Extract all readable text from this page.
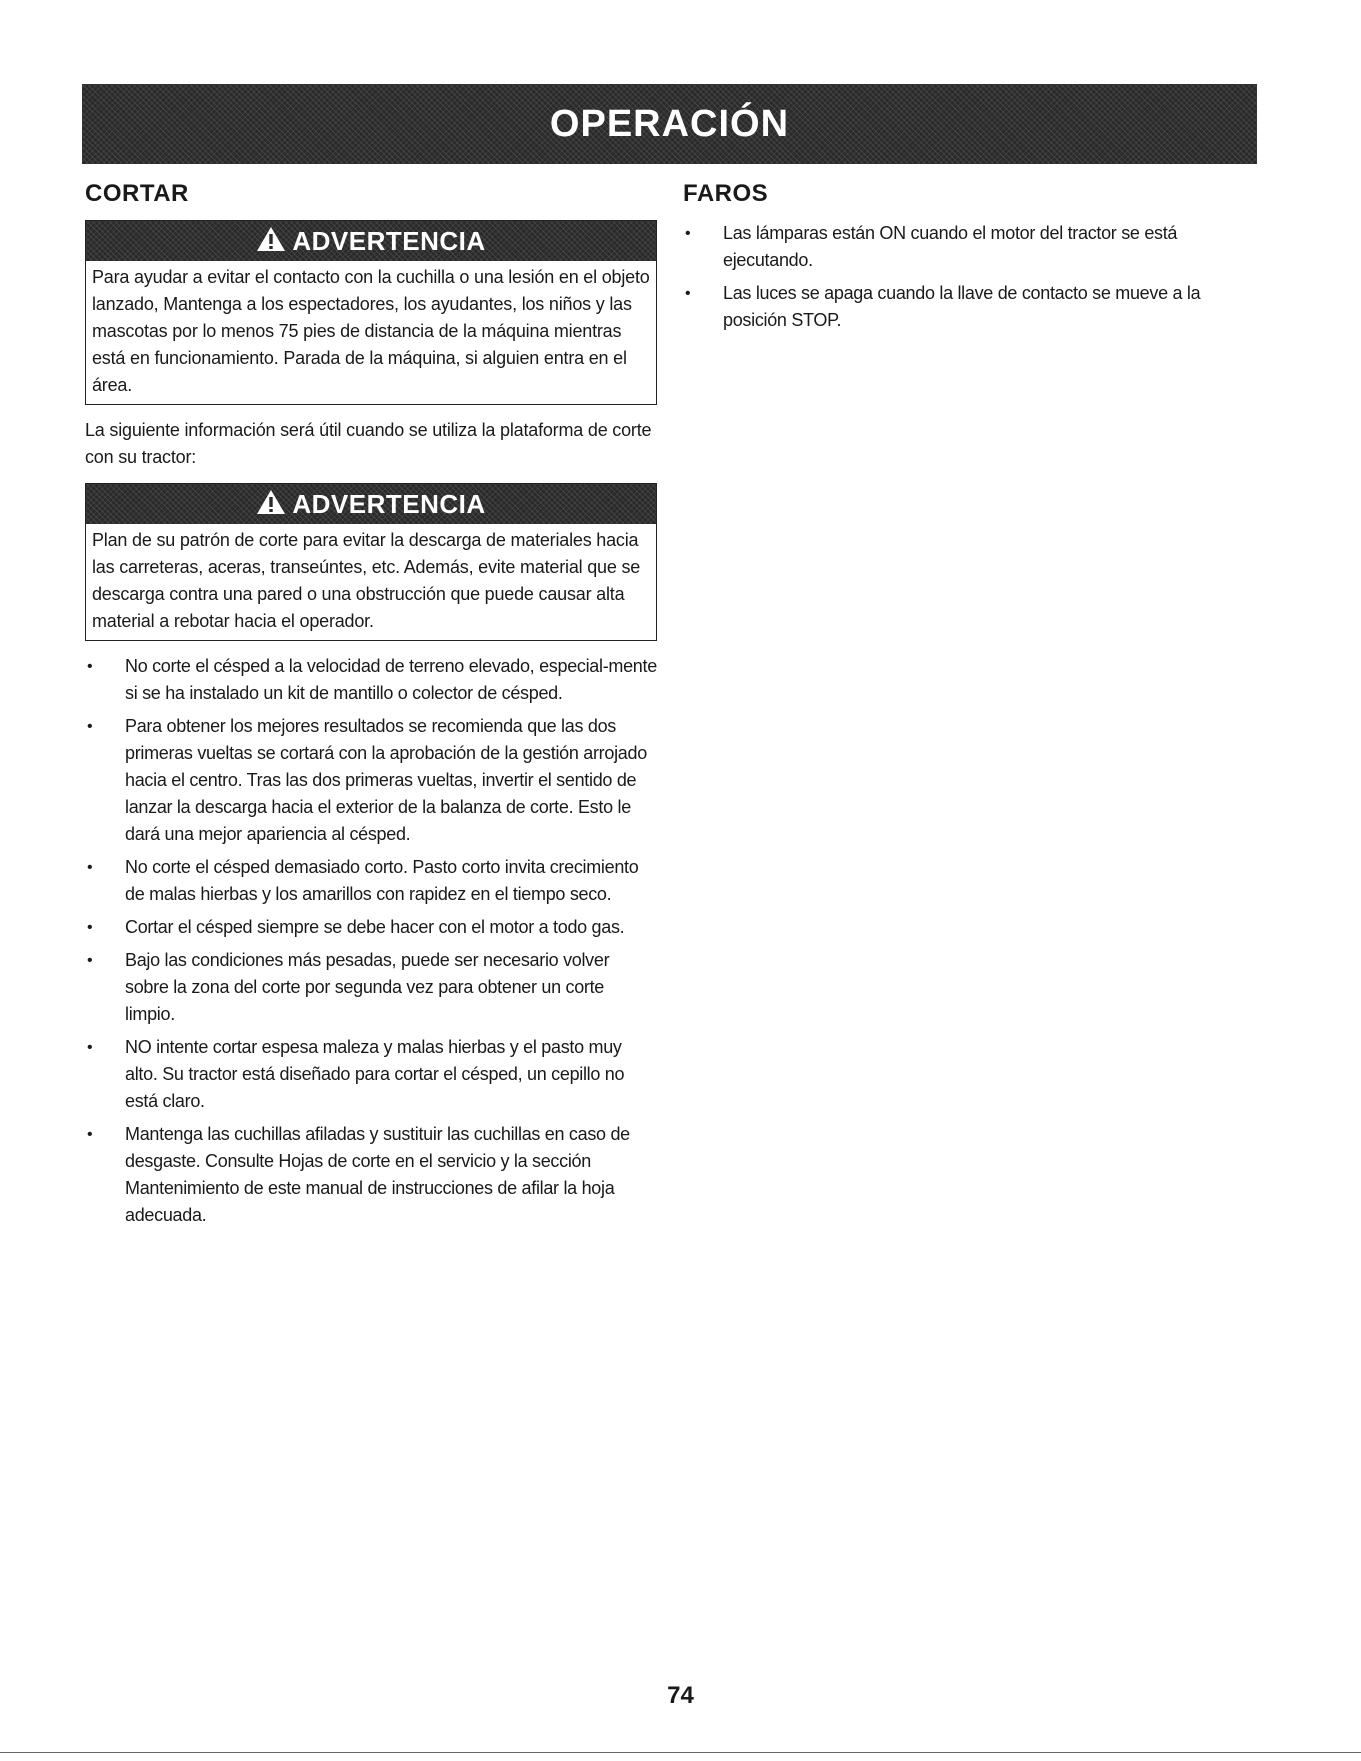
OPERACIÓN
CORTAR
ADVERTENCIA
Para ayudar a evitar el contacto con la cuchilla o una lesión en el objeto lanzado, Mantenga a los espectadores, los ayudantes, los niños y las mascotas por lo menos 75 pies de distancia de la máquina mientras está en funcionamiento. Parada de la máquina, si alguien entra en el área.

La siguiente información será útil cuando se utiliza la plataforma de corte con su tractor:

ADVERTENCIA
Plan de su patrón de corte para evitar la descarga de materiales hacia las carreteras, aceras, transeúntes, etc. Además, evite material que se descarga contra una pared o una obstrucción que puede causar alta material a rebotar hacia el operador.
• No corte el césped a la velocidad de terreno elevado, especial-mente si se ha instalado un kit de mantillo o colector de césped.
• Para obtener los mejores resultados se recomienda que las dos primeras vueltas se cortará con la aprobación de la gestión arrojado hacia el centro. Tras las dos primeras vueltas, invertir el sentido de lanzar la descarga hacia el exterior de la balanza de corte. Esto le dará una mejor apariencia al césped.
• No corte el césped demasiado corto. Pasto corto invita crecimiento de malas hierbas y los amarillos con rapidez en el tiempo seco.
• Cortar el césped siempre se debe hacer con el motor a todo gas.
• Bajo las condiciones más pesadas, puede ser necesario volver sobre la zona del corte por segunda vez para obtener un corte limpio.
• NO intente cortar espesa maleza y malas hierbas y el pasto muy alto. Su tractor está diseñado para cortar el césped, un cepillo no está claro.
• Mantenga las cuchillas afiladas y sustituir las cuchillas en caso de desgaste. Consulte Hojas de corte en el servicio y la sección Mantenimiento de este manual de instrucciones de afilar la hoja adecuada.
FAROS
• Las lámparas están ON cuando el motor del tractor se está ejecutando.
• Las luces se apaga cuando la llave de contacto se mueve a la posición STOP.
74
